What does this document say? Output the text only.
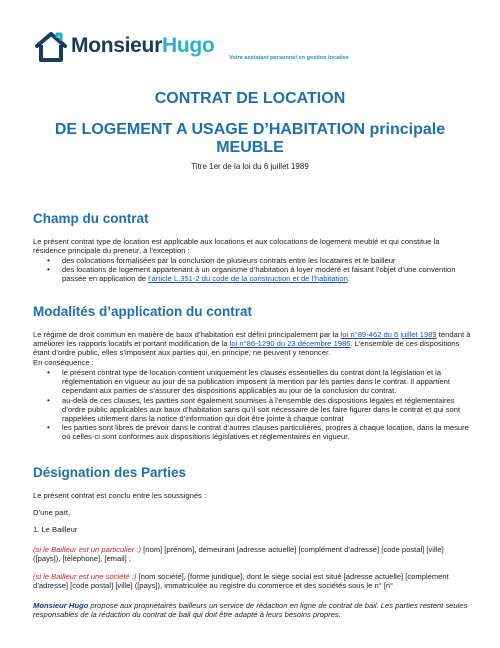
MonsieurHugo
Votre assistant personnel en gestion locative
CONTRAT DE LOCATION
DE LOGEMENT A USAGE D’HABITATION principale
MEUBLE
Titre 1er de la loi du 6 juillet 1989
Champ du contrat
Le présent contrat type de location est applicable aux locations et aux colocations de logement meublé et qui constitue la résidence principale du preneur, à l’exception :
• des colocations formalisées par la conclusion de plusieurs contrats entre les locataires et le bailleur
• des locations de logement appartenant à un organisme d’habitation à loyer modéré et faisant l’objet d’une convention passée en application de l’article L.351-2 du code de la construction et de l’habitation.
Modalités d’application du contrat
Le régime de droit commun en matière de baux d’habitation est défini principalement par la loi n°89-462 du 6 juillet 1989 tendant à améliorer les rapports locatifs et portant modification de la loi n°86-1290 du 23 décembre 1986. L’ensemble de ces dispositions étant d’ordre public, elles s’imposent aux parties qui, en principe, ne peuvent y renoncer.
En conséquence :
• le présent contrat type de location contient uniquement les clauses essentielles du contrat dont la législation et la réglementation en vigueur au jour de sa publication imposent la mention par les parties dans le contrat. Il appartient cependant aux parties de s’assurer des dispositions applicables au jour de la conclusion du contrat.
• au-delà de ces clauses, les parties sont également soumises à l’ensemble des dispositions légales et réglementaires d’ordre public applicables aux baux d’habitation sans qu’il soit nécessaire de les faire figurer dans le contrat et qui sont rappelées utilement dans la notice d’information qui doit être jointe à chaque contrat
• les parties sont libres de prévoir dans le contrat d’autres clauses particulières, propres à chaque location, dans la mesure où celles-ci sont conformes aux dispositions législatives et réglementaires en vigueur.
Désignation des Parties
Le présent contrat est conclu entre les soussignés :
D’une part,
1. Le Bailleur
(si le Bailleur est un particulier :) [nom] [prénom], demeurant [adresse actuelle] [complément d’adresse] [code postal] [ville] ([pays]), [téléphone], [email] ;
(si le Bailleur est une société :) [nom société], [forme juridique], dont le siège social est situé [adresse actuelle] [complément d’adresse] [code postal] [ville] ([pays]), immatriculée au registre du commerce et des sociétés sous le n° [n°
Monsieur Hugo propose aux propriétaires bailleurs un service de rédaction en ligne de contrat de bail. Les parties restent seules responsables de la rédaction du contrat de bail qui doit être adapté à leurs besoins propres.
